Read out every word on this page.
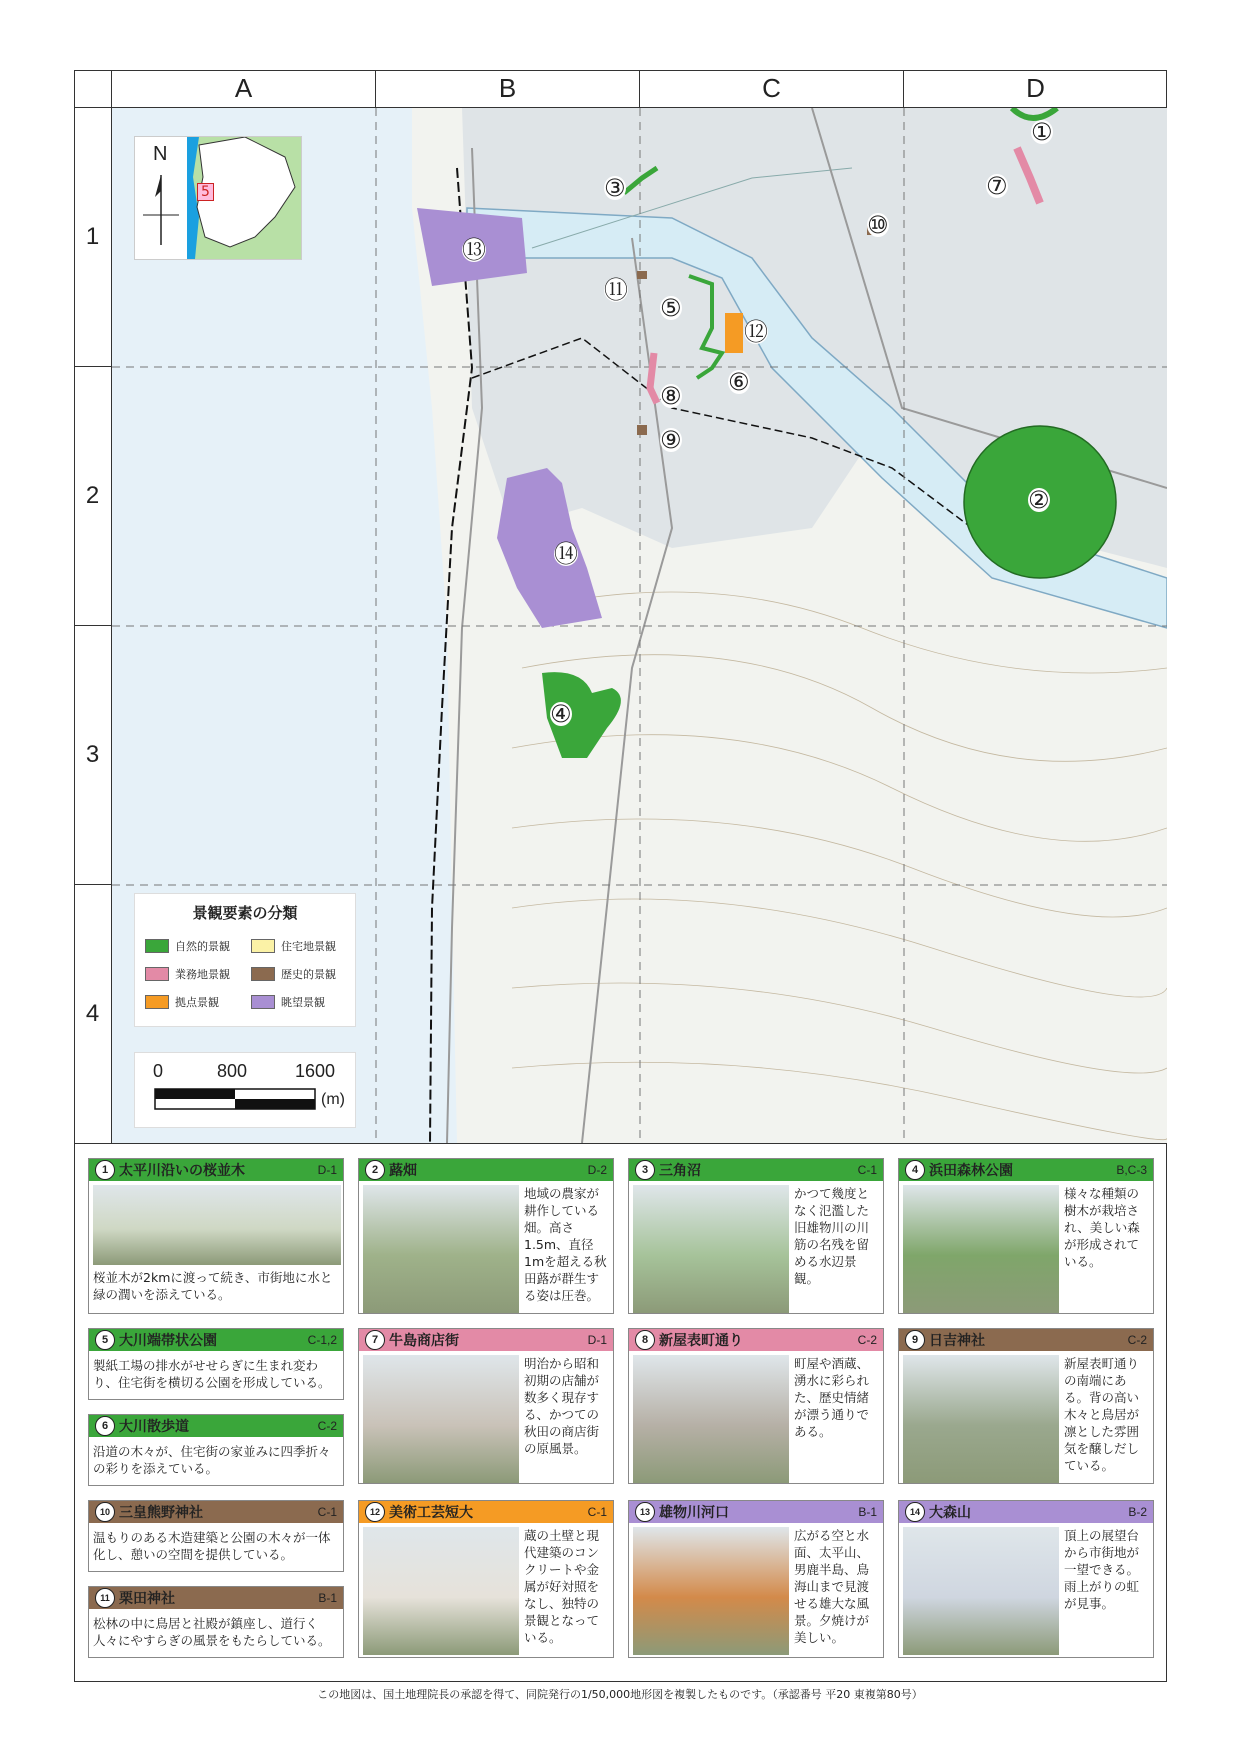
A	B	C	D
1
2
3
4
①
②
③
④
⑤
⑥
⑦
⑧
⑨
⑩
⑪
⑫
⑬
⑭
N
5
景観要素の分類
自然的景観	住宅地景観
業務地景観	歴史的景観
拠点景観	眺望景観
0	800	1600
(m)
1 太平川沿いの桜並木	D-1
桜並木が2kmに渡って続き、市街地に水と緑の潤いを添えている。
2 蕗畑	D-2
地域の農家が耕作している畑。高さ1.5m、直径1mを超える秋田蕗が群生する姿は圧巻。
3 三角沼	C-1
かつて幾度となく氾濫した旧雄物川の川筋の名残を留める水辺景観。
4 浜田森林公園	B,C-3
様々な種類の樹木が栽培され、美しい森が形成されている。
5 大川端帯状公園	C-1,2
製紙工場の排水がせせらぎに生まれ変わり、住宅街を横切る公園を形成している。
6 大川散歩道	C-2
沿道の木々が、住宅街の家並みに四季折々の彩りを添えている。
7 牛島商店街	D-1
明治から昭和初期の店舗が数多く現存する、かつての秋田の商店街の原風景。
8 新屋表町通り	C-2
町屋や酒蔵、湧水に彩られた、歴史情緒が漂う通りである。
9 日吉神社	C-2
新屋表町通りの南端にある。背の高い木々と鳥居が凛とした雰囲気を醸しだしている。
10 三皇熊野神社	C-1
温もりのある木造建築と公園の木々が一体化し、憩いの空間を提供している。
11 栗田神社	B-1
松林の中に鳥居と社殿が鎮座し、道行く人々にやすらぎの風景をもたらしている。
12 美術工芸短大	C-1
蔵の土壁と現代建築のコンクリートや金属が好対照をなし、独特の景観となっている。
13 雄物川河口	B-1
広がる空と水面、太平山、男鹿半島、鳥海山まで見渡せる雄大な風景。夕焼けが美しい。
14 大森山	B-2
頂上の展望台から市街地が一望できる。雨上がりの虹が見事。
この地図は、国土地理院長の承認を得て、同院発行の1/50,000地形図を複製したものです。（承認番号 平20 東複第80号）
